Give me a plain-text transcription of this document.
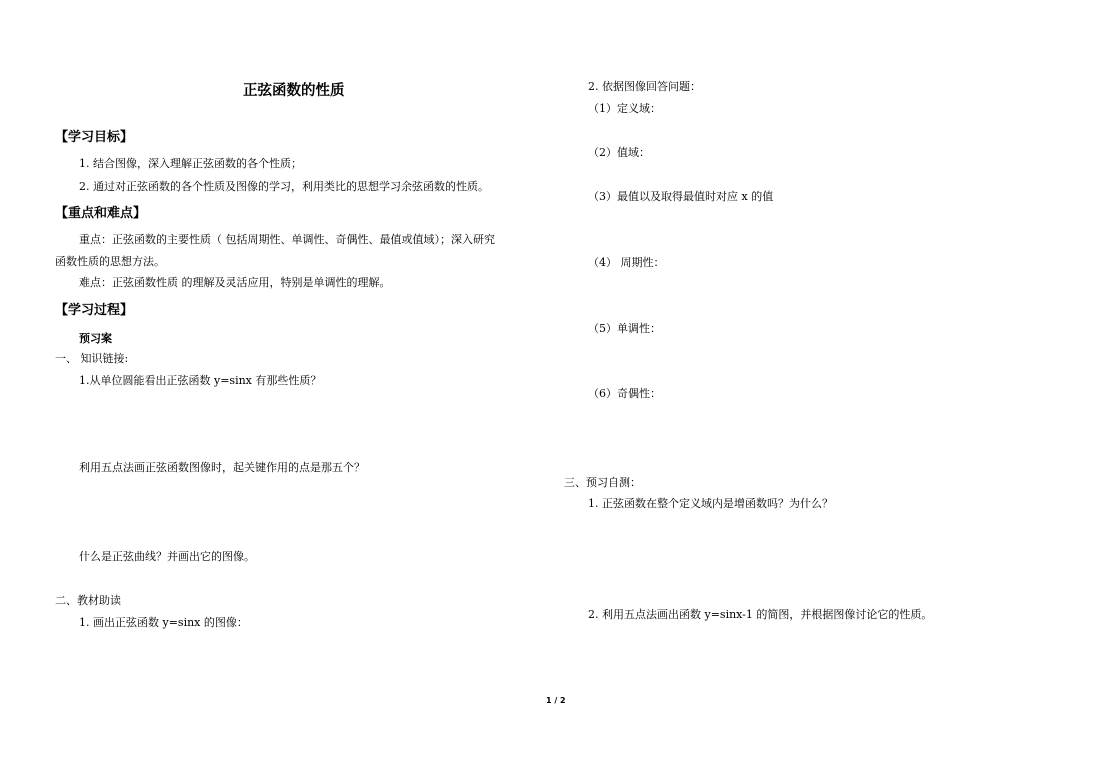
正弦函数的性质
【学习目标】
1. 结合图像，深入理解正弦函数的各个性质；
2. 通过对正弦函数的各个性质及图像的学习，利用类比的思想学习余弦函数的性质。
【重点和难点】
重点：正弦函数的主要性质（ 包括周期性、单调性、奇偶性、最值或值域）；深入研究
函数性质的思想方法。
难点：正弦函数性质 的理解及灵活应用，特别是单调性的理解。
【学习过程】
预习案
一、 知识链接:
1.从单位圆能看出正弦函数 y=sinx 有那些性质？
利用五点法画正弦函数图像时，起关键作用的点是那五个？
什么是正弦曲线？并画出它的图像。
二、教材助读
1. 画出正弦函数 y=sinx 的图像：
2. 依据图像回答问题：
（1）定义域：
（2）值域：
（3）最值以及取得最值时对应 x 的值
（4） 周期性：
（5）单调性：
（6）奇偶性：
三、预习自测：
1. 正弦函数在整个定义域内是增函数吗？为什么？
2. 利用五点法画出函数 y=sinx-1 的简图，并根据图像讨论它的性质。
1 / 2
